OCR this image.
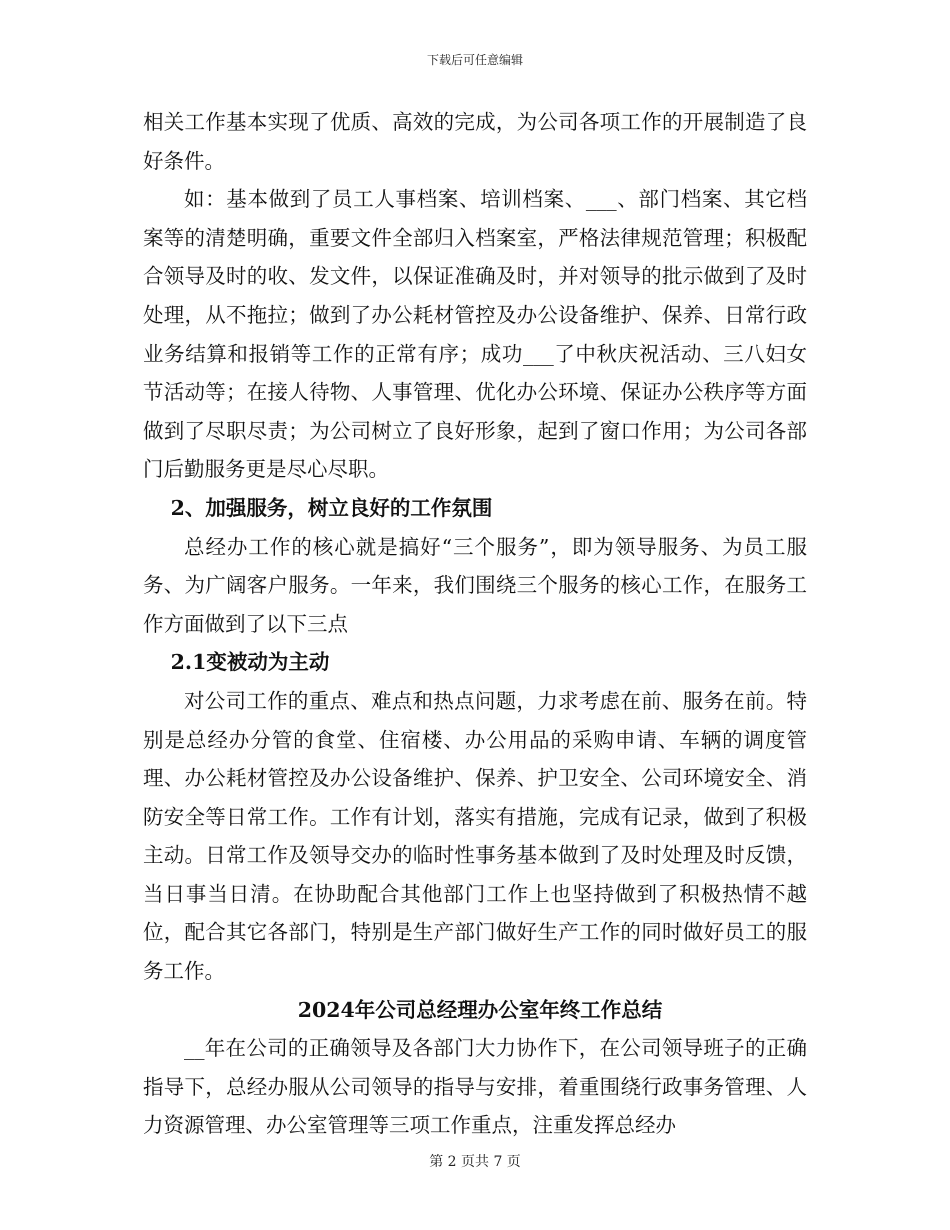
下载后可任意编辑

相关工作基本实现了优质、高效的完成，为公司各项工作的开展制造了良好条件。

如：基本做到了员工人事档案、培训档案、___、部门档案、其它档案等的清楚明确，重要文件全部归入档案室，严格法律规范管理；积极配合领导及时的收、发文件，以保证准确及时，并对领导的批示做到了及时处理，从不拖拉；做到了办公耗材管控及办公设备维护、保养、日常行政业务结算和报销等工作的正常有序；成功___了中秋庆祝活动、三八妇女节活动等；在接人待物、人事管理、优化办公环境、保证办公秩序等方面做到了尽职尽责；为公司树立了良好形象，起到了窗口作用；为公司各部门后勤服务更是尽心尽职。

2、加强服务，树立良好的工作氛围

总经办工作的核心就是搞好“三个服务”，即为领导服务、为员工服务、为广阔客户服务。一年来，我们围绕三个服务的核心工作，在服务工作方面做到了以下三点

2.1变被动为主动

对公司工作的重点、难点和热点问题，力求考虑在前、服务在前。特别是总经办分管的食堂、住宿楼、办公用品的采购申请、车辆的调度管理、办公耗材管控及办公设备维护、保养、护卫安全、公司环境安全、消防安全等日常工作。工作有计划，落实有措施，完成有记录，做到了积极主动。日常工作及领导交办的临时性事务基本做到了及时处理及时反馈，当日事当日清。在协助配合其他部门工作上也坚持做到了积极热情不越位，配合其它各部门，特别是生产部门做好生产工作的同时做好员工的服务工作。

2024年公司总经理办公室年终工作总结

__年在公司的正确领导及各部门大力协作下，在公司领导班子的正确指导下，总经办服从公司领导的指导与安排，着重围绕行政事务管理、人力资源管理、办公室管理等三项工作重点，注重发挥总经办

第 2 页共 7 页
